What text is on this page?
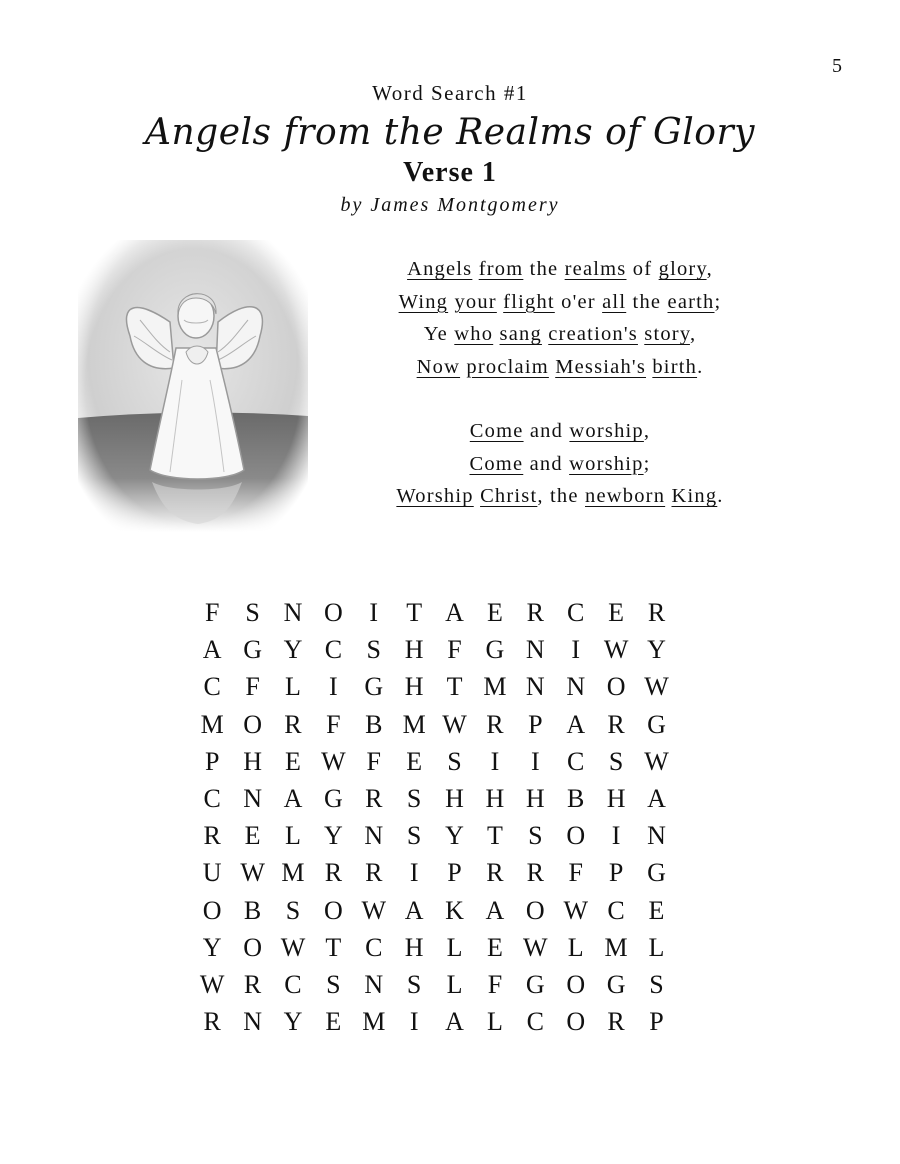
5
Word Search #1
Angels from the Realms of Glory
Verse 1
by James Montgomery
Angels from the realms of glory,
Wing your flight o'er all the earth;
Ye who sang creation's story,
Now proclaim Messiah's birth.
Come and worship,
Come and worship;
Worship Christ, the newborn King.
F S N O	I	T A E R C E R
A G Y C S H F G N	I W Y
C F L	I	G H T M N N O W
M O R F B M W R P A R G
P H E W F E S	I	I	C S W
C N A G R S H H H B H A
R E L Y N S Y T S O	I	N
U W M R R	I	P R R F P G
O B S O W A K A O W C E
Y O W T C H L E W L M L
W R C S N S L F G O G S
R N Y E M I	A L C O R P
